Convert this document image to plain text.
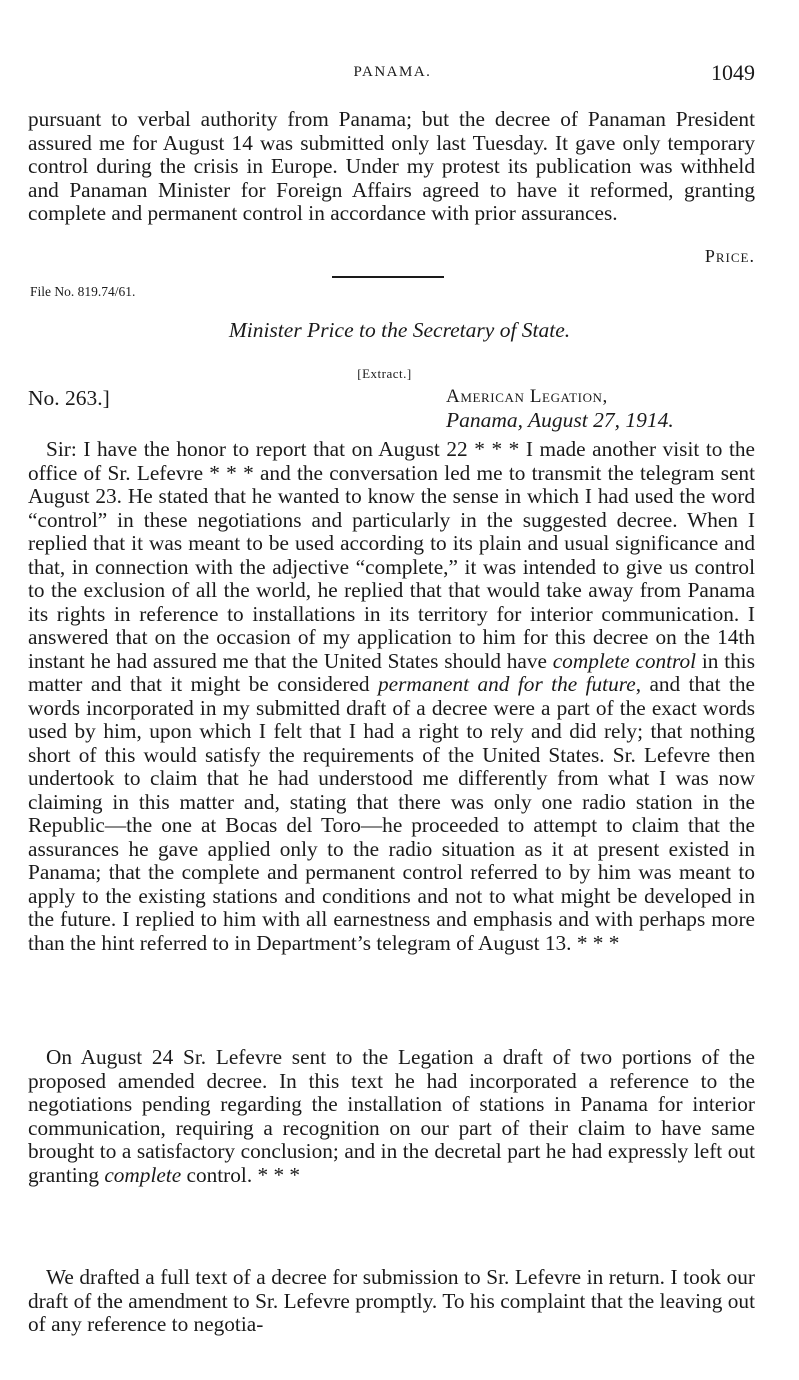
PANAMA.	1049
pursuant to verbal authority from Panama; but the decree of Panaman President assured me for August 14 was submitted only last Tuesday. It gave only temporary control during the crisis in Europe. Under my protest its publication was withheld and Panaman Minister for Foreign Affairs agreed to have it reformed, granting complete and permanent control in accordance with prior assurances.
Price.
File No. 819.74/61.
Minister Price to the Secretary of State.
[Extract.]
No. 263.]	American Legation,
Panama, August 27, 1914.

Sir: I have the honor to report that on August 22 * * * I made another visit to the office of Sr. Lefevre * * * and the conversation led me to transmit the telegram sent August 23. He stated that he wanted to know the sense in which I had used the word “control” in these negotiations and particularly in the suggested decree. When I replied that it was meant to be used according to its plain and usual significance and that, in connection with the adjective “complete,” it was intended to give us control to the exclusion of all the world, he replied that that would take away from Panama its rights in reference to installations in its territory for interior communication. I answered that on the occasion of my application to him for this decree on the 14th instant he had assured me that the United States should have complete control in this matter and that it might be considered permanent and for the future, and that the words incorporated in my submitted draft of a decree were a part of the exact words used by him, upon which I felt that I had a right to rely and did rely; that nothing short of this would satisfy the requirements of the United States. Sr. Lefevre then undertook to claim that he had understood me differently from what I was now claiming in this matter and, stating that there was only one radio station in the Republic—the one at Bocas del Toro—he proceeded to attempt to claim that the assurances he gave applied only to the radio situation as it at present existed in Panama; that the complete and permanent control referred to by him was meant to apply to the existing stations and conditions and not to what might be developed in the future. I replied to him with all earnestness and emphasis and with perhaps more than the hint referred to in Department’s telegram of August 13. * * *

On August 24 Sr. Lefevre sent to the Legation a draft of two portions of the proposed amended decree. In this text he had incorporated a reference to the negotiations pending regarding the installation of stations in Panama for interior communication, requiring a recognition on our part of their claim to have same brought to a satisfactory conclusion; and in the decretal part he had expressly left out granting complete control. * * *
We drafted a full text of a decree for submission to Sr. Lefevre in return. I took our draft of the amendment to Sr. Lefevre promptly. To his complaint that the leaving out of any reference to negotia-
